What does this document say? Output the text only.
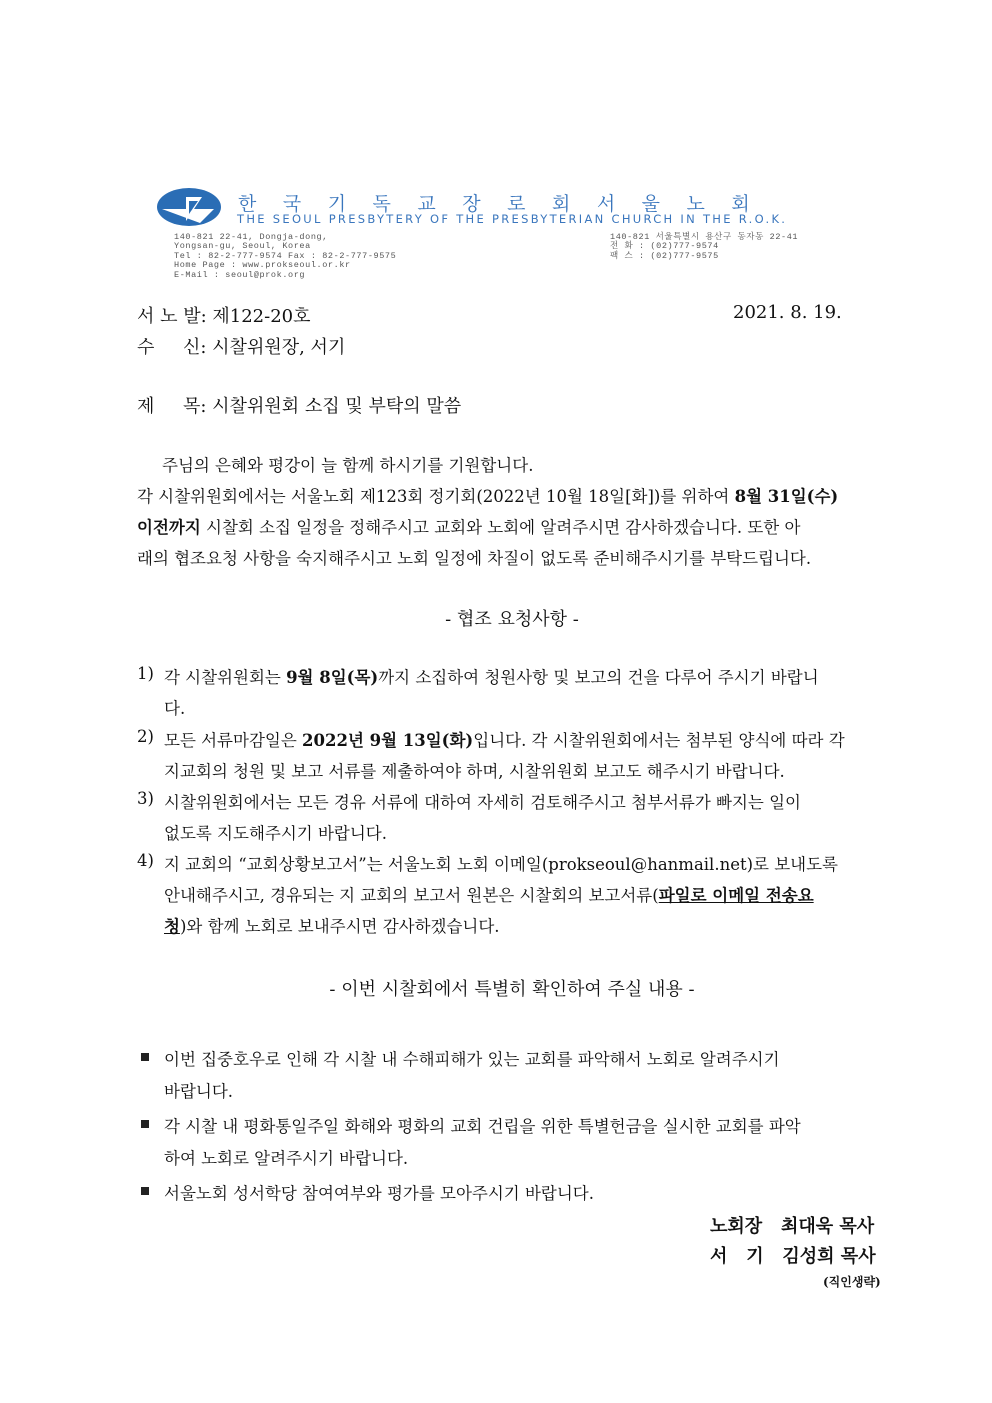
한국기독교장로회서울노회
THE SEOUL PRESBYTERY OF THE PRESBYTERIAN CHURCH IN THE R.O.K.
140-821 22-41, Dongja-dong,
Yongsan-gu, Seoul, Korea
Tel : 82-2-777-9574 Fax : 82-2-777-9575
Home Page : www.prokseoul.or.kr
E-Mail : seoul@prok.org
140-821 서울특별시 용산구 동자동 22-41
전 화 : (02)777-9574
팩 스 : (02)777-9575
서 노 발: 제122-20호	2021. 8. 19.
수     신: 시찰위원장, 서기
제     목: 시찰위원회 소집 및 부탁의 말씀
주님의 은혜와 평강이 늘 함께 하시기를 기원합니다.
각 시찰위원회에서는 서울노회 제123회 정기회(2022년 10월 18일[화])를 위하여 8월 31일(수)
이전까지 시찰회 소집 일정을 정해주시고 교회와 노회에 알려주시면 감사하겠습니다. 또한 아
래의 협조요청 사항을 숙지해주시고 노회 일정에 차질이 없도록 준비해주시기를 부탁드립니다.
- 협조 요청사항 -
1) 각 시찰위원회는 9월 8일(목)까지 소집하여 청원사항 및 보고의 건을 다루어 주시기 바랍니
다.
2) 모든 서류마감일은 2022년 9월 13일(화)입니다. 각 시찰위원회에서는 첨부된 양식에 따라 각
지교회의 청원 및 보고 서류를 제출하여야 하며, 시찰위원회 보고도 해주시기 바랍니다.
3) 시찰위원회에서는 모든 경유 서류에 대하여 자세히 검토해주시고 첨부서류가 빠지는 일이
없도록 지도해주시기 바랍니다.
4) 지 교회의 “교회상황보고서”는 서울노회 노회 이메일(prokseoul@hanmail.net)로 보내도록
안내해주시고, 경유되는 지 교회의 보고서 원본은 시찰회의 보고서류(파일로 이메일 전송요
청)와 함께 노회로 보내주시면 감사하겠습니다.
- 이번 시찰회에서 특별히 확인하여 주실 내용 -
이번 집중호우로 인해 각 시찰 내 수해피해가 있는 교회를 파악해서 노회로 알려주시기
바랍니다.
각 시찰 내 평화통일주일 화해와 평화의 교회 건립을 위한 특별헌금을 실시한 교회를 파악
하여 노회로 알려주시기 바랍니다.
서울노회 성서학당 참여여부와 평가를 모아주시기 바랍니다.
노회장   최대욱 목사
서   기   김성희 목사
(직인생략)
